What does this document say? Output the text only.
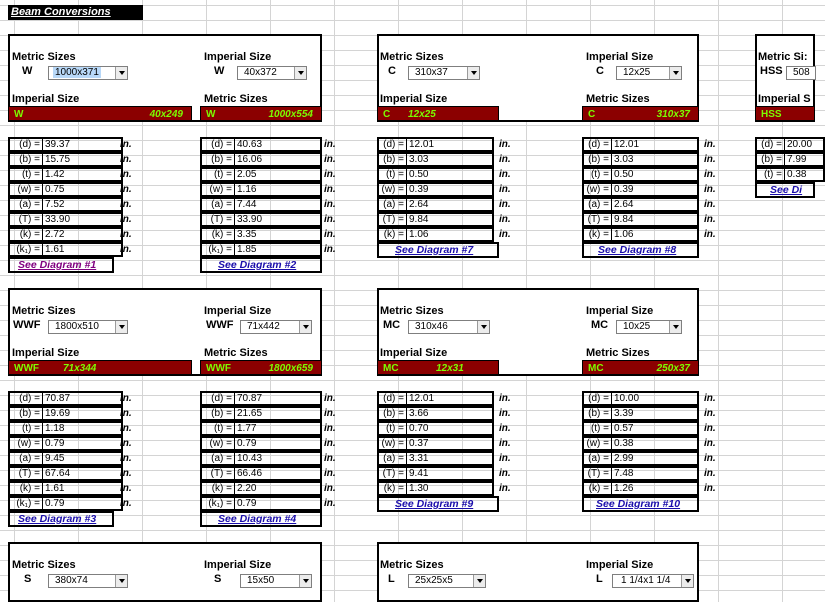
Beam Conversions
Metric Sizes	Imperial Size
W	1000x371	W	40x372
Imperial Size	Metric Sizes
W	40x249 W	1000x554
(d) = 39.37	in.
(b) = 15.75	in.
(t) = 1.42	in.
(w) = 0.75	in.
(a) = 7.52	in.
(T) = 33.90	in.
(k) = 2.72	in.
(k₁) = 1.61	in.
(d) = 40.63	in.
(b) = 16.06	in.
(t) = 2.05	in.
(w) = 1.16	in.
(a) = 7.44	in.
(T) = 33.90	in.
(k) = 3.35	in.
(k₁) = 1.85	in.
See Diagram #1	See Diagram #2
Metric Sizes	Imperial Size
C	310x37	C	12x25
Imperial Size	Metric Sizes
C 12x25	C	310x37
(d) = 12.01	in.
(b) = 3.03	in.
(t) = 0.50	in.
(w) = 0.39	in.
(a) = 2.64	in.
(T) = 9.84	in.
(k) = 1.06	in.
(d) = 12.01	in.
(b) = 3.03	in.
(t) = 0.50	in.
(w) = 0.39	in.
(a) = 2.64	in.
(T) = 9.84	in.
(k) = 1.06	in.
See Diagram #7	See Diagram #8
Metric Si:
HSS	508
Imperial S
HSS
(d) = 20.00
(b) = 7.99
(t) = 0.38
See Di
Metric Sizes	Imperial Size
WWF	1800x510	WWF	71x442
Imperial Size	Metric Sizes
WWF 71x344	WWF	1800x659
(d) = 70.87	in.
(b) = 19.69	in.
(t) = 1.18	in.
(w) = 0.79	in.
(a) = 9.45	in.
(T) = 67.64	in.
(k) = 1.61	in.
(k₁) = 0.79	in.
(d) = 70.87	in.
(b) = 21.65	in.
(t) = 1.77	in.
(w) = 0.79	in.
(a) = 10.43	in.
(T) = 66.46	in.
(k) = 2.20	in.
(k₁) = 0.79	in.
See Diagram #3	See Diagram #4
Metric Sizes	Imperial Size
MC	310x46	MC	10x25
Imperial Size	Metric Sizes
MC	12x31	MC	250x37
(d) = 12.01	in.
(b) = 3.66	in.
(t) = 0.70	in.
(w) = 0.37	in.
(a) = 3.31	in.
(T) = 9.41	in.
(k) = 1.30	in.
(d) = 10.00	in.
(b) = 3.39	in.
(t) = 0.57	in.
(w) = 0.38	in.
(a) = 2.99	in.
(T) = 7.48	in.
(k) = 1.26	in.
See Diagram #9	See Diagram #10
Metric Sizes	Imperial Size
S	380x74	S	15x50
Metric Sizes	Imperial Size
L	25x25x5	L	1 1/4x1 1/4
